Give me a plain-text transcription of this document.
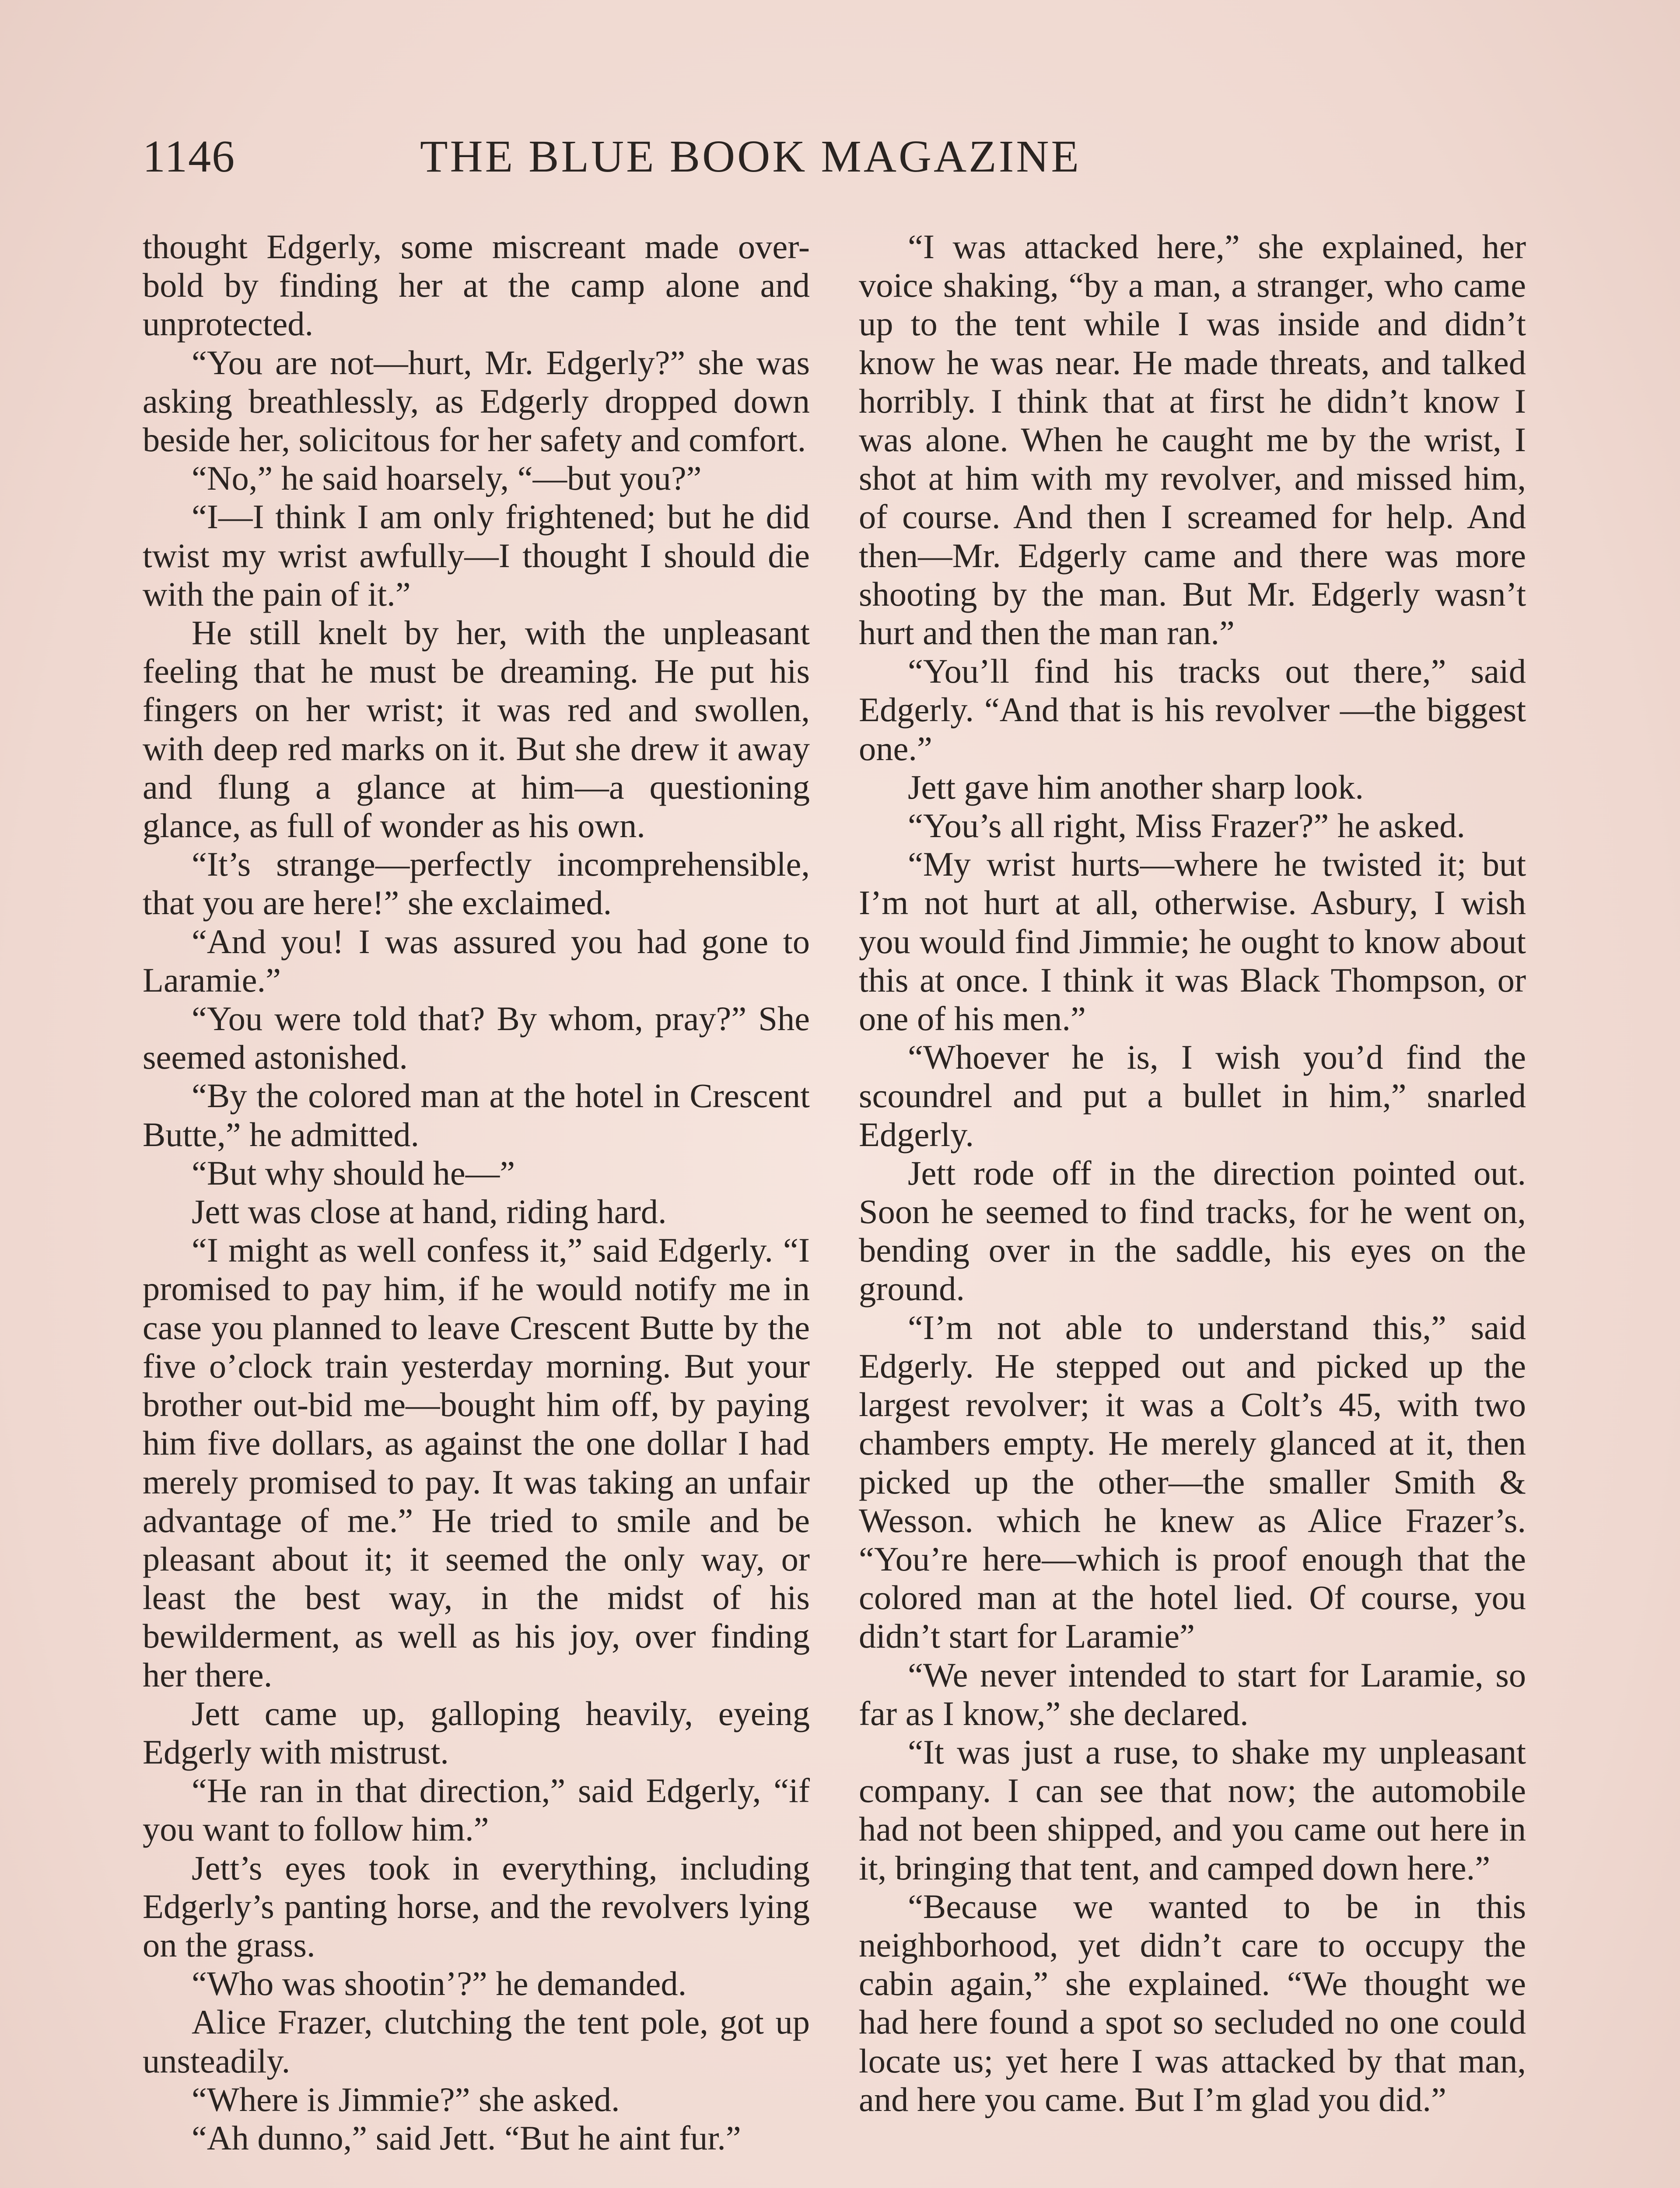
1146	THE BLUE BOOK MAGAZINE

thought Edgerly, some miscreant made over-bold by finding her at the camp alone and unprotected.

“You are not—hurt, Mr. Edgerly?” she was asking breathlessly, as Edgerly dropped down beside her, solicitous for her safety and comfort.

“No,” he said hoarsely, “—but you?”

“I—I think I am only frightened; but he did twist my wrist awfully—I thought I should die with the pain of it.”

He still knelt by her, with the unpleasant feeling that he must be dreaming. He put his fingers on her wrist; it was red and swollen, with deep red marks on it. But she drew it away and flung a glance at him—a questioning glance, as full of wonder as his own.

“It’s strange—perfectly incomprehensible, that you are here!” she exclaimed.

“And you! I was assured you had gone to Laramie.”

“You were told that? By whom, pray?” She seemed astonished.

“By the colored man at the hotel in Crescent Butte,” he admitted.

“But why should he—”

Jett was close at hand, riding hard.

“I might as well confess it,” said Edgerly. “I promised to pay him, if he would notify me in case you planned to leave Crescent Butte by the five o’clock train yesterday morning. But your brother out-bid me—bought him off, by paying him five dollars, as against the one dollar I had merely promised to pay. It was taking an unfair advantage of me.” He tried to smile and be pleasant about it; it seemed the only way, or least the best way, in the midst of his bewilderment, as well as his joy, over finding her there.

Jett came up, galloping heavily, eyeing Edgerly with mistrust.

“He ran in that direction,” said Edgerly, “if you want to follow him.”

Jett’s eyes took in everything, including Edgerly’s panting horse, and the revolvers lying on the grass.

“Who was shootin’?” he demanded.

Alice Frazer, clutching the tent pole, got up unsteadily.

“Where is Jimmie?” she asked.

“Ah dunno,” said Jett. “But he aint fur.”

“I was attacked here,” she explained, her voice shaking, “by a man, a stranger, who came up to the tent while I was inside and didn’t know he was near. He made threats, and talked horribly. I think that at first he didn’t know I was alone. When he caught me by the wrist, I shot at him with my revolver, and missed him, of course. And then I screamed for help. And then—Mr. Edgerly came and there was more shooting by the man. But Mr. Edgerly wasn’t hurt and then the man ran.”

“You’ll find his tracks out there,” said Edgerly. “And that is his revolver —the biggest one.”

Jett gave him another sharp look.

“You’s all right, Miss Frazer?” he asked.

“My wrist hurts—where he twisted it; but I’m not hurt at all, otherwise. Asbury, I wish you would find Jimmie; he ought to know about this at once. I think it was Black Thompson, or one of his men.”

“Whoever he is, I wish you’d find the scoundrel and put a bullet in him,” snarled Edgerly.

Jett rode off in the direction pointed out. Soon he seemed to find tracks, for he went on, bending over in the saddle, his eyes on the ground.

“I’m not able to understand this,” said Edgerly. He stepped out and picked up the largest revolver; it was a Colt’s 45, with two chambers empty. He merely glanced at it, then picked up the other—the smaller Smith & Wesson. which he knew as Alice Frazer’s. “You’re here—which is proof enough that the colored man at the hotel lied. Of course, you didn’t start for Laramie”

“We never intended to start for Laramie, so far as I know,” she declared.

“It was just a ruse, to shake my unpleasant company. I can see that now; the automobile had not been shipped, and you came out here in it, bringing that tent, and camped down here.”

“Because we wanted to be in this neighborhood, yet didn’t care to occupy the cabin again,” she explained. “We thought we had here found a spot so secluded no one could locate us; yet here I was attacked by that man, and here you came. But I’m glad you did.”
